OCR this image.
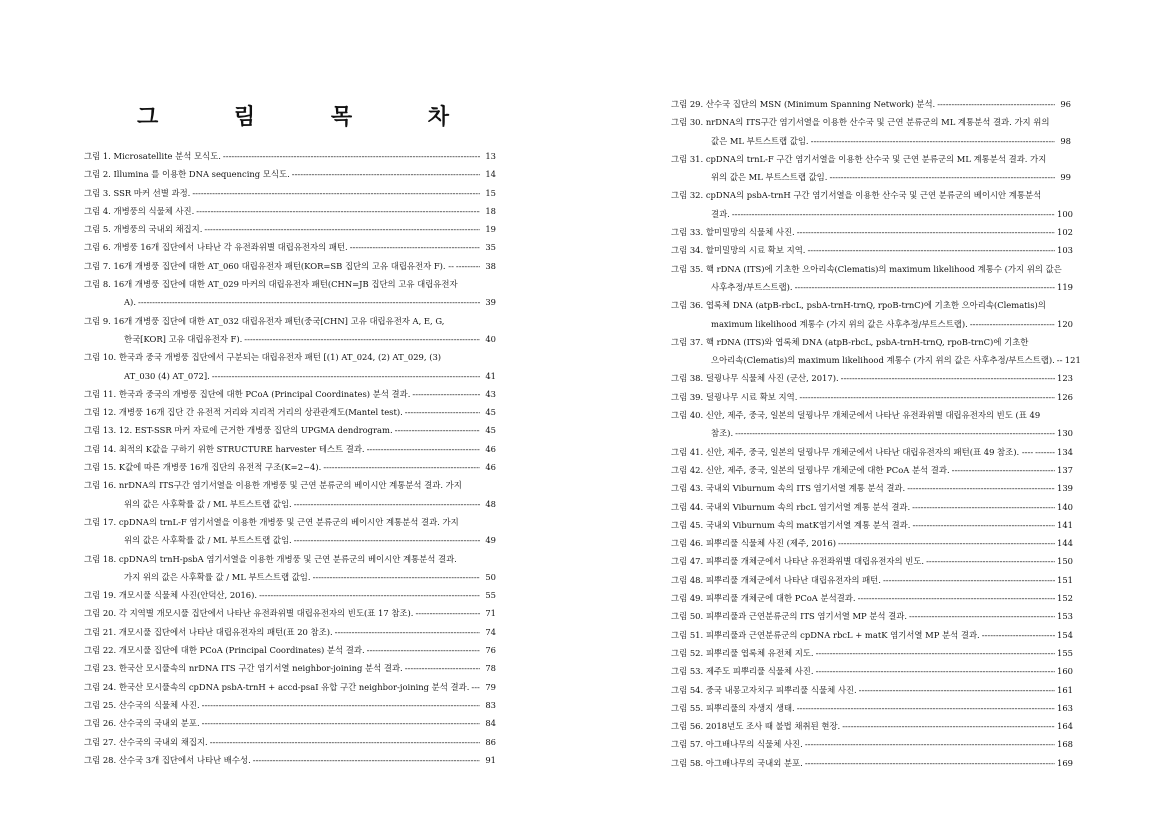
그 림 목 차
그림 1. Microsatellite 분석 모식도. -----	13
그림 2. Illumina 를 이용한 DNA sequencing 모식도. -----	14
그림 3. SSR 마커 선별 과정. -----	15
그림 4. 개병풍의 식물체 사진. -----	18
그림 5. 개병풍의 국내외 채집지. -----	19
그림 6. 개병풍 16개 집단에서 나타난 각 유전좌위별 대립유전자의 패턴. -----	35
그림 7. 16개 개병풍 집단에 대한 AT_060 대립유전자 패턴(KOR=SB 집단의 고유 대립유전자 F). -- -----	38
그림 8. 16개 개병풍 집단에 대한 AT_029 마커의 대립유전자 패턴(CHN=JB 집단의 고유 대립유전자
A). -----	39
그림 9. 16개 개병풍 집단에 대한 AT_032 대립유전자 패턴(중국[CHN] 고유 대립유전자 A, E, G,
한국[KOR] 고유 대립유전자 F). -----	40
그림 10. 한국과 중국 개병풍 집단에서 구분되는 대립유전자 패턴 [(1) AT_024, (2) AT_029, (3)
AT_030 (4) AT_072]. -----	41
그림 11. 한국과 중국의 개병풍 집단에 대한 PCoA (Principal Coordinates) 분석 결과. -----	43
그림 12. 개병풍 16개 집단 간 유전적 거리와 지리적 거리의 상관관계도(Mantel test). -----	45
그림 13. 12. EST-SSR 마커 자료에 근거한 개병풍 집단의 UPGMA dendrogram. -----	45
그림 14. 최적의 K값을 구하기 위한 STRUCTURE harvester 테스트 결과. -----	46
그림 15. K값에 따른 개병풍 16개 집단의 유전적 구조(K=2~4). -----	46
그림 16. nrDNA의 ITS구간 염기서열을 이용한 개병풍 및 근연 분류군의 베이시안 계통분석 결과. 가지
위의 값은 사후확률 값 / ML 부트스트랩 값임. -----	48
그림 17. cpDNA의 trnL-F 염기서열을 이용한 개병풍 및 근연 분류군의 베이시안 계통분석 결과. 가지
위의 값은 사후확률 값 / ML 부트스트랩 값임. -----	49
그림 18. cpDNA의 trnH-psbA 염기서열을 이용한 개병풍 및 근연 분류군의 베이시안 계통분석 결과.
가지 위의 값은 사후확률 값 / ML 부트스트랩 값임. -----	50
그림 19. 개모시풀 식물체 사진(안덕산, 2016). -----	55
그림 20. 각 지역별 개모시풀 집단에서 나타난 유전좌위별 대립유전자의 빈도(표 17 참조). -----	71
그림 21. 개모시풀 집단에서 나타난 대립유전자의 패턴(표 20 참조). -----	74
그림 22. 개모시풀 집단에 대한 PCoA (Principal Coordinates) 분석 결과. -----	76
그림 23. 한국산 모시풀속의 nrDNA ITS 구간 염기서열 neighbor-joining 분석 결과. -----	78
그림 24. 한국산 모시풀속의 cpDNA psbA-trnH + accd-psaI 유합 구간 neighbor-joining 분석 결과. -----	79
그림 25. 산수국의 식물체 사진. -----	83
그림 26. 산수국의 국내외 분포. -----	84
그림 27. 산수국의 국내외 채집지. -----	86
그림 28. 산수국 3개 집단에서 나타난 배수성. -----	91
그림 29. 산수국 집단의 MSN (Minimum Spanning Network) 분석. -----	96
그림 30. nrDNA의 ITS구간 염기서열을 이용한 산수국 및 근연 분류군의 ML 계통분석 결과. 가지 위의
값은 ML 부트스트랩 값임. -----	98
그림 31. cpDNA의 trnL-F 구간 염기서열을 이용한 산수국 및 근연 분류군의 ML 계통분석 결과. 가지
위의 값은 ML 부트스트랩 값임. -----	99
그림 32. cpDNA의 psbA-trnH 구간 염기서열을 이용한 산수국 및 근연 분류군의 베이시안 계통분석
결과. -----	100
그림 33. 할미밀망의 식물체 사진. -----	102
그림 34. 할미밀망의 시료 확보 지역. -----	103
그림 35. 핵 rDNA (ITS)에 기초한 으아리속(Clematis)의 maximum likelihood 계통수 (가지 위의 값은
사후추정/부트스트랩). -----	119
그림 36. 엽록체 DNA (atpB-rbcL, psbA-trnH-trnQ, rpoB-trnC)에 기초한 으아리속(Clematis)의
maximum likelihood 계통수 (가지 위의 값은 사후추정/부트스트랩). -----	120
그림 37. 핵 rDNA (ITS)와 엽록체 DNA (atpB-rbcL, psbA-trnH-trnQ, rpoB-trnC)에 기초한
으아리속(Clematis)의 maximum likelihood 계통수 (가지 위의 값은 사후추정/부트스트랩). ----- 121
그림 38. 덜꿩나무 식물체 사진 (군산, 2017). -----	123
그림 39. 덜꿩나무 시료 확보 지역. -----	126
그림 40. 신안, 제주, 중국, 일본의 덜꿩나무 개체군에서 나타난 유전좌위별 대립유전자의 빈도 (표 49
참조). -----	130
그림 41. 신안, 제주, 중국, 일본의 덜꿩나무 개체군에서 나타난 대립유전자의 패턴(표 49 참조). ---- -----	134
그림 42. 신안, 제주, 중국, 일본의 덜꿩나무 개체군에 대한 PCoA 분석 결과. -----	137
그림 43. 국내외 Viburnum 속의 ITS 염기서열 계통 분석 결과. -----	139
그림 44. 국내외 Viburnum 속의 rbcL 염기서열 계통 분석 결과. -----	140
그림 45. 국내외 Viburnum 속의 matK염기서열 계통 분석 결과. -----	141
그림 46. 피뿌리풀 식물체 사진 (제주, 2016) -----	144
그림 47. 피뿌리풀 개체군에서 나타난 유전좌위별 대립유전자의 빈도. -----	150
그림 48. 피뿌리풀 개체군에서 나타난 대립유전자의 패턴. -----	151
그림 49. 피뿌리풀 개체군에 대한 PCoA 분석결과. -----	152
그림 50. 피뿌리풀과 근연분류군의 ITS 염기서열 MP 분석 결과. -----	153
그림 51. 피뿌리풀과 근연분류군의 cpDNA rbcL + matK 염기서열 MP 분석 결과. -----	154
그림 52. 피뿌리풀 엽록체 유전체 지도. -----	155
그림 53. 제주도 피뿌리풀 식물체 사진. -----	160
그림 54. 중국 내몽고자치구 피뿌리풀 식물체 사진. -----	161
그림 55. 피뿌리풀의 자생지 생태. -----	163
그림 56. 2018년도 조사 때 불법 채취된 현장. -----	164
그림 57. 아그배나무의 식물체 사진. -----	168
그림 58. 아그배나무의 국내외 분포. -----	169
